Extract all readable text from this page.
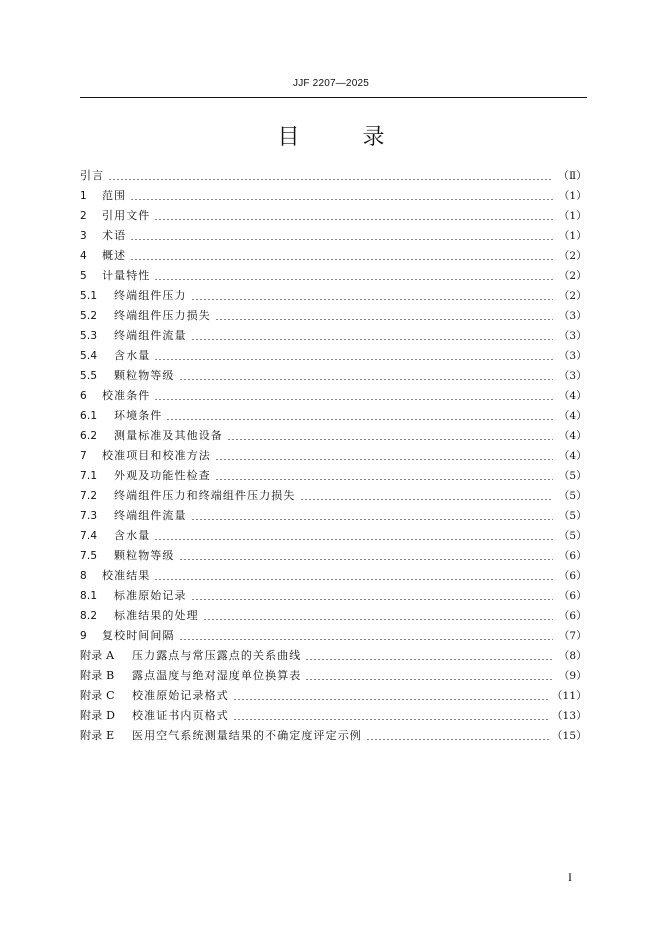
JJF 2207—2025
目	录
引言	（Ⅱ）
1 范围	（1）
2 引用文件	（1）
3 术语	（1）
4 概述	（2）
5 计量特性	（2）
5.1 终端组件压力	（2）
5.2 终端组件压力损失	（3）
5.3 终端组件流量	（3）
5.4 含水量	（3）
5.5 颗粒物等级	（3）
6 校准条件	（4）
6.1 环境条件	（4）
6.2 测量标准及其他设备	（4）
7 校准项目和校准方法	（4）
7.1 外观及功能性检查	（5）
7.2 终端组件压力和终端组件压力损失	（5）
7.3 终端组件流量	（5）
7.4 含水量	（5）
7.5 颗粒物等级	（6）
8 校准结果	（6）
8.1 标准原始记录	（6）
8.2 标准结果的处理	（6）
9 复校时间间隔	（7）
附录 A 压力露点与常压露点的关系曲线	（8）
附录 B 露点温度与绝对湿度单位换算表	（9）
附录 C 校准原始记录格式	（11）
附录 D 校准证书内页格式	（13）
附录 E 医用空气系统测量结果的不确定度评定示例	（15）
I
